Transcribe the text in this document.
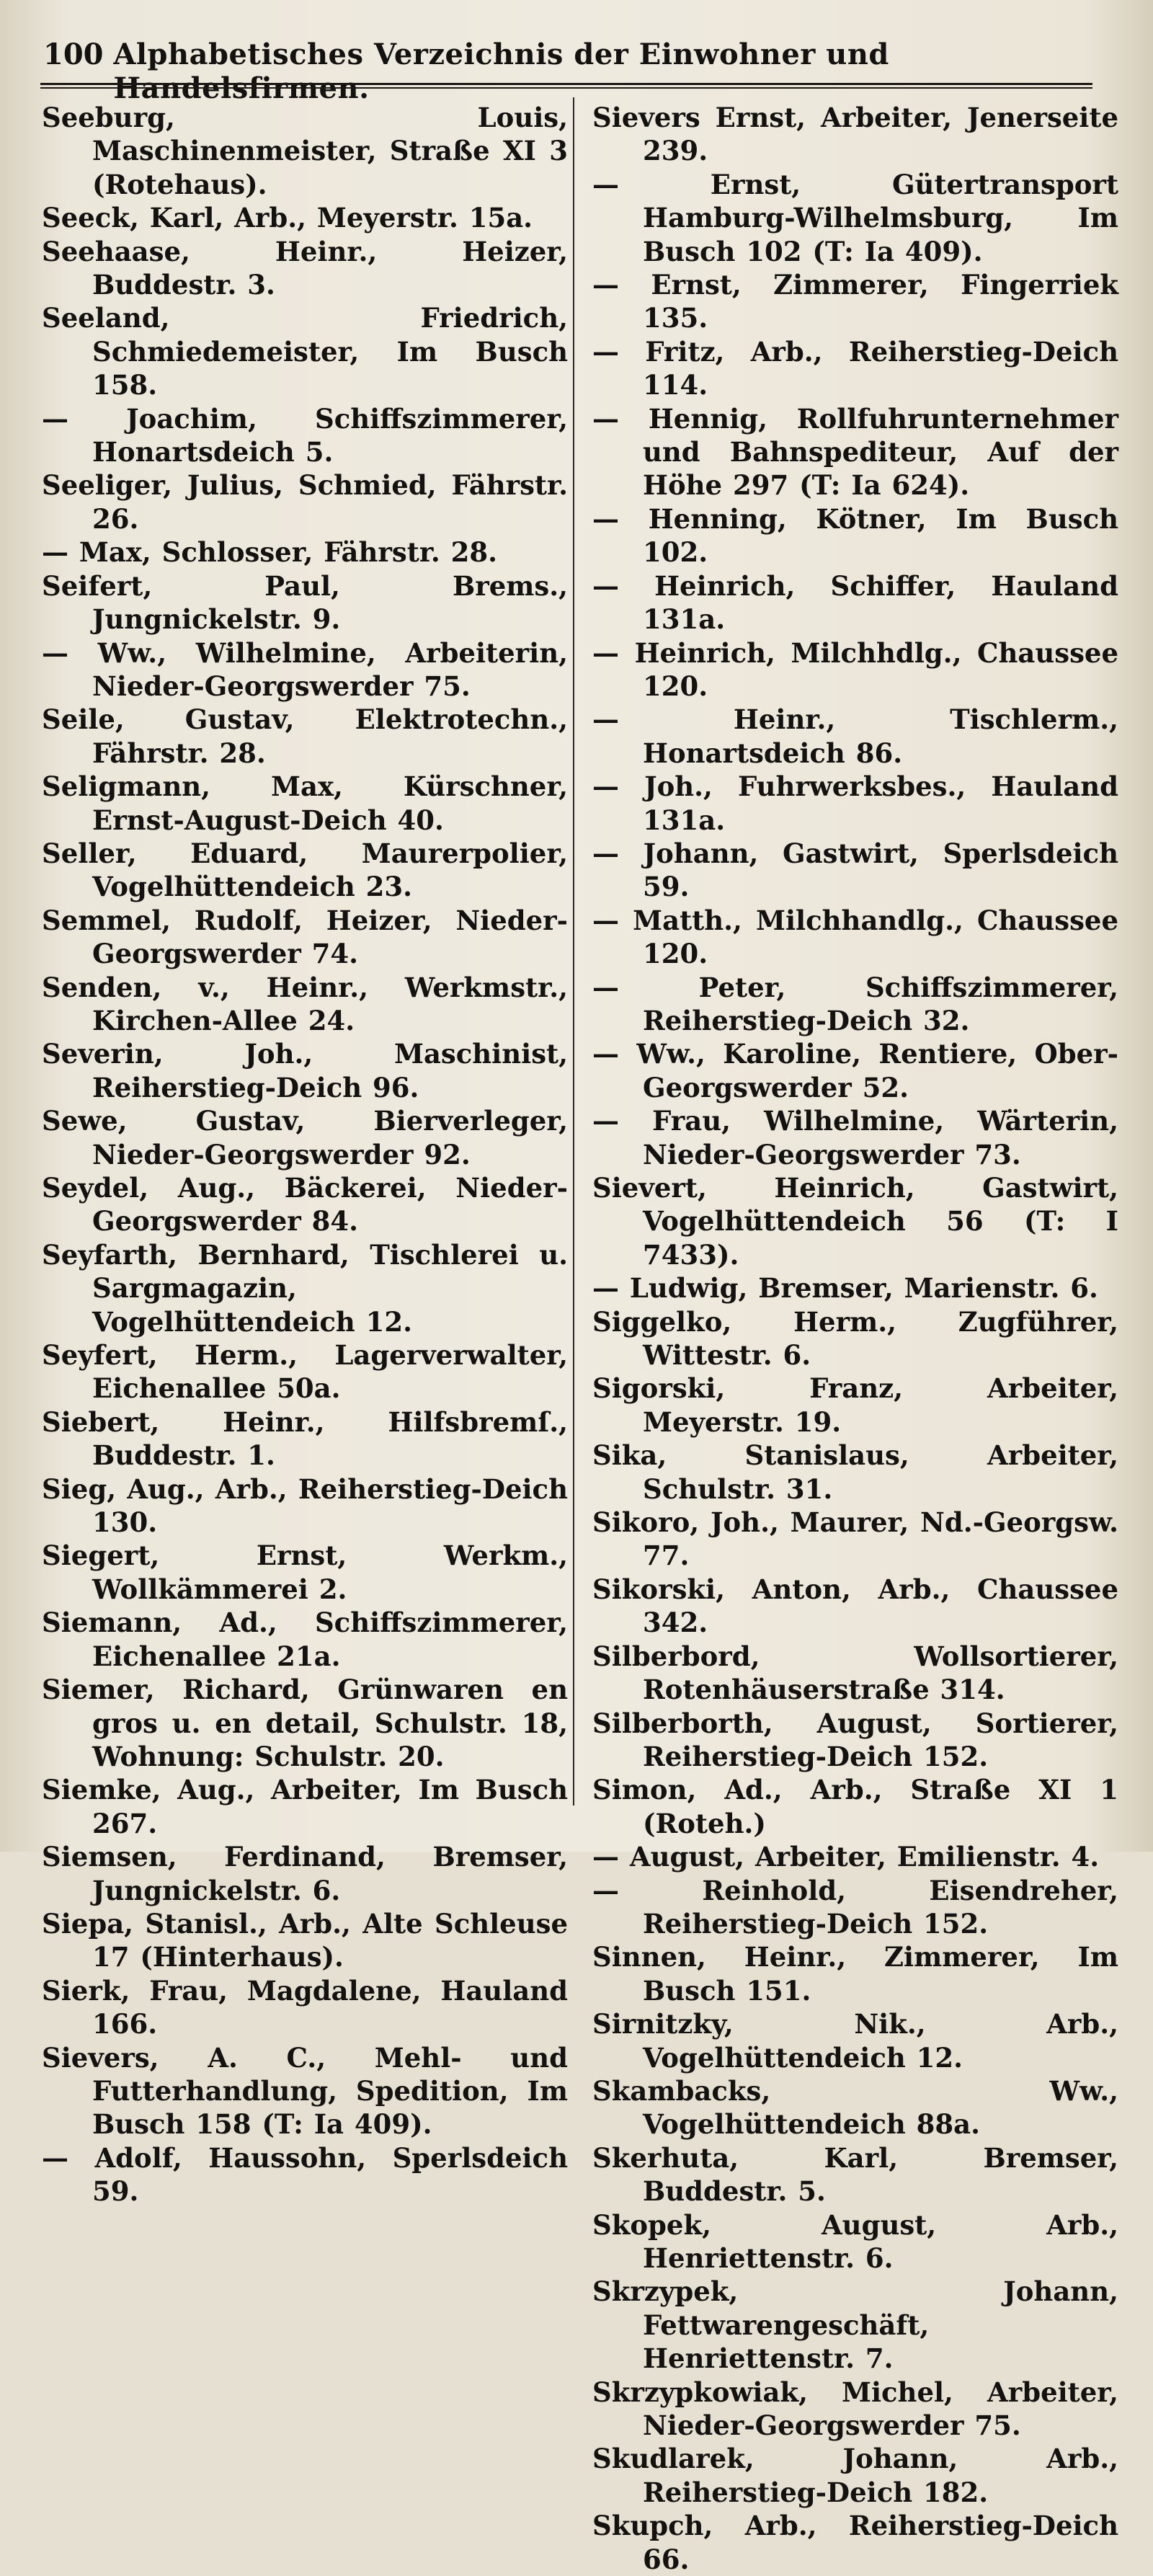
100 Alphabetisches Verzeichnis der Einwohner und Handelsfirmen.

Seeburg, Louis, Maschinenmeister, Straße XI 3 (Rotehaus).

Seeck, Karl, Arb., Meyerstr. 15a.

Seehaase, Heinr., Heizer, Buddestr. 3.

Seeland, Friedrich, Schmiedemeister, Im Busch 158.

— Joachim, Schiffszimmerer, Honartsdeich 5.

Seeliger, Julius, Schmied, Fährstr. 26.

— Max, Schlosser, Fährstr. 28.

Seifert, Paul, Brems., Jungnickelstr. 9.

— Ww., Wilhelmine, Arbeiterin, Nieder-Georgswerder 75.

Seile, Gustav, Elektrotechn., Fährstr. 28.

Seligmann, Max, Kürschner, Ernst-August-Deich 40.

Seller, Eduard, Maurerpolier, Vogelhüttendeich 23.

Semmel, Rudolf, Heizer, Nieder-Georgswerder 74.

Senden, v., Heinr., Werkmstr., Kirchen-Allee 24.

Severin, Joh., Maschinist, Reiherstieg-Deich 96.

Sewe, Gustav, Bierverleger, Nieder-Georgswerder 92.

Seydel, Aug., Bäckerei, Nieder-Georgswerder 84.

Seyfarth, Bernhard, Tischlerei u. Sargmagazin, Vogelhüttendeich 12.

Seyfert, Herm., Lagerverwalter, Eichenallee 50a.

Siebert, Heinr., Hilfsbremſ., Buddestr. 1.

Sieg, Aug., Arb., Reiherstieg-Deich 130.

Siegert, Ernst, Werkm., Wollkämmerei 2.

Siemann, Ad., Schiffszimmerer, Eichenallee 21a.

Siemer, Richard, Grünwaren en gros u. en detail, Schulstr. 18, Wohnung: Schulstr. 20.

Siemke, Aug., Arbeiter, Im Busch 267.

Siemsen, Ferdinand, Bremser, Jungnickelstr. 6.

Siepa, Stanisl., Arb., Alte Schleuse 17 (Hinterhaus).

Sierk, Frau, Magdalene, Hauland 166.

Sievers, A. C., Mehl- und Futterhandlung, Spedition, Im Busch 158 (T: Ia 409).

— Adolf, Haussohn, Sperlsdeich 59.

Sievers Ernst, Arbeiter, Jenerseite 239.

— Ernst, Gütertransport Hamburg-Wilhelmsburg, Im Busch 102 (T: Ia 409).

— Ernst, Zimmerer, Fingerriek 135.

— Fritz, Arb., Reiherstieg-Deich 114.

— Hennig, Rollfuhrunternehmer und Bahnspediteur, Auf der Höhe 297 (T: Ia 624).

— Henning, Kötner, Im Busch 102.

— Heinrich, Schiffer, Hauland 131a.

— Heinrich, Milchhdlg., Chaussee 120.

— Heinr., Tischlerm., Honartsdeich 86.

— Joh., Fuhrwerksbes., Hauland 131a.

— Johann, Gastwirt, Sperlsdeich 59.

— Matth., Milchhandlg., Chaussee 120.

— Peter, Schiffszimmerer, Reiherstieg-Deich 32.

— Ww., Karoline, Rentiere, Ober-Georgswerder 52.

— Frau, Wilhelmine, Wärterin, Nieder-Georgswerder 73.

Sievert, Heinrich, Gastwirt, Vogelhüttendeich 56 (T: I 7433).

— Ludwig, Bremser, Marienstr. 6.

Siggelko, Herm., Zugführer, Wittestr. 6.

Sigorski, Franz, Arbeiter, Meyerstr. 19.

Sika, Stanislaus, Arbeiter, Schulstr. 31.

Sikoro, Joh., Maurer, Nd.-Georgsw. 77.

Sikorski, Anton, Arb., Chaussee 342.

Silberbord, Wollsortierer, Rotenhäuserstraße 314.

Silberborth, August, Sortierer, Reiherstieg-Deich 152.

Simon, Ad., Arb., Straße XI 1 (Roteh.)

— August, Arbeiter, Emilienstr. 4.

— Reinhold, Eisendreher, Reiherstieg-Deich 152.

Sinnen, Heinr., Zimmerer, Im Busch 151.

Sirnitzky, Nik., Arb., Vogelhüttendeich 12.

Skambacks, Ww., Vogelhüttendeich 88a.

Skerhuta, Karl, Bremser, Buddestr. 5.

Skopek, August, Arb., Henriettenstr. 6.

Skrzypek, Johann, Fettwarengeschäft, Henriettenstr. 7.

Skrzypkowiak, Michel, Arbeiter, Nieder-Georgswerder 75.

Skudlarek, Johann, Arb., Reiherstieg-Deich 182.

Skupch, Arb., Reiherstieg-Deich 66.
